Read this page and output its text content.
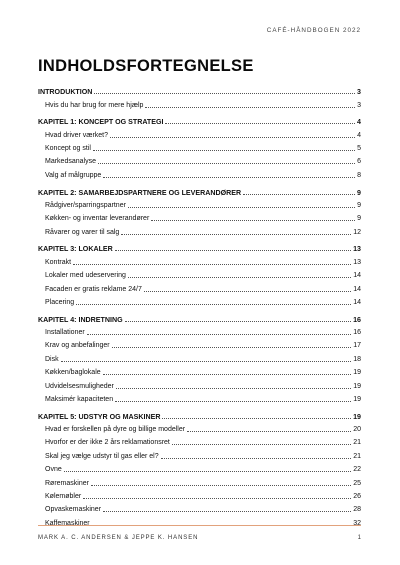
CAFÉ-HÅNDBOGEN 2022
INDHOLDSFORTEGNELSE
INTRODUKTION	3
Hvis du har brug for mere hjælp	3
KAPITEL 1: KONCEPT OG STRATEGI	4
Hvad driver værket?	4
Koncept og stil	5
Markedsanalyse	6
Valg af målgruppe	8
KAPITEL 2: SAMARBEJDSPARTNERE OG LEVERANDØRER	9
Rådgiver/sparringspartner	9
Køkken- og inventar leverandører	9
Råvarer og varer til salg	12
KAPITEL 3: LOKALER	13
Kontrakt	13
Lokaler med udeservering	14
Facaden er gratis reklame 24/7	14
Placering	14
KAPITEL 4: INDRETNING	16
Installationer	16
Krav og anbefalinger	17
Disk	18
Køkken/baglokale	19
Udvidelsesmuligheder	19
Maksimér kapaciteten	19
KAPITEL 5: UDSTYR OG MASKINER	19
Hvad er forskellen på dyre og billige modeller	20
Hvorfor er der ikke 2 års reklamationsret	21
Skal jeg vælge udstyr til gas eller el?	21
Ovne	22
Røremaskiner	25
Kølemøbler	26
Opvaskemaskiner	28
Kaffemaskiner	32
MARK A. C. ANDERSEN & JEPPE K. HANSEN	1
